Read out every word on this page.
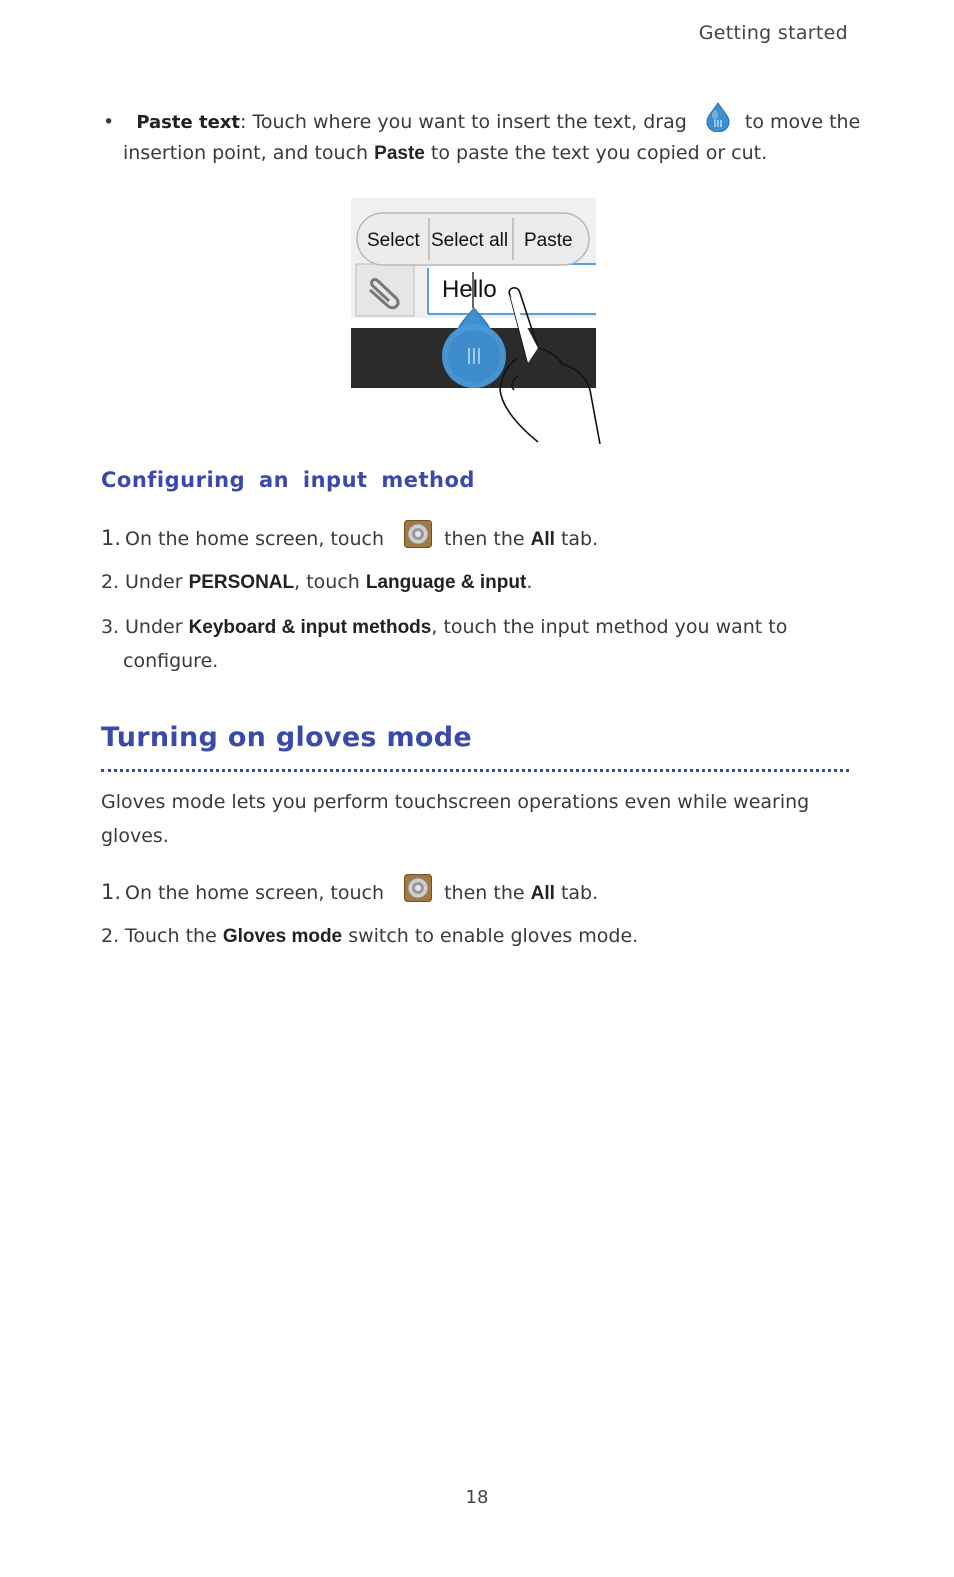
Getting started
• Paste text: Touch where you want to insert the text, drag	to move the
insertion point, and touch Paste to paste the text you copied or cut.
Select Select all Paste
Hello
Configuring an input method
1. On the home screen, touch	then the All tab.
2. Under PERSONAL, touch Language & input.
3. Under Keyboard & input methods, touch the input method you want to
configure.
Turning on gloves mode
Gloves mode lets you perform touchscreen operations even while wearing
gloves.
1. On the home screen, touch	then the All tab.
2. Touch the Gloves mode switch to enable gloves mode.
18
